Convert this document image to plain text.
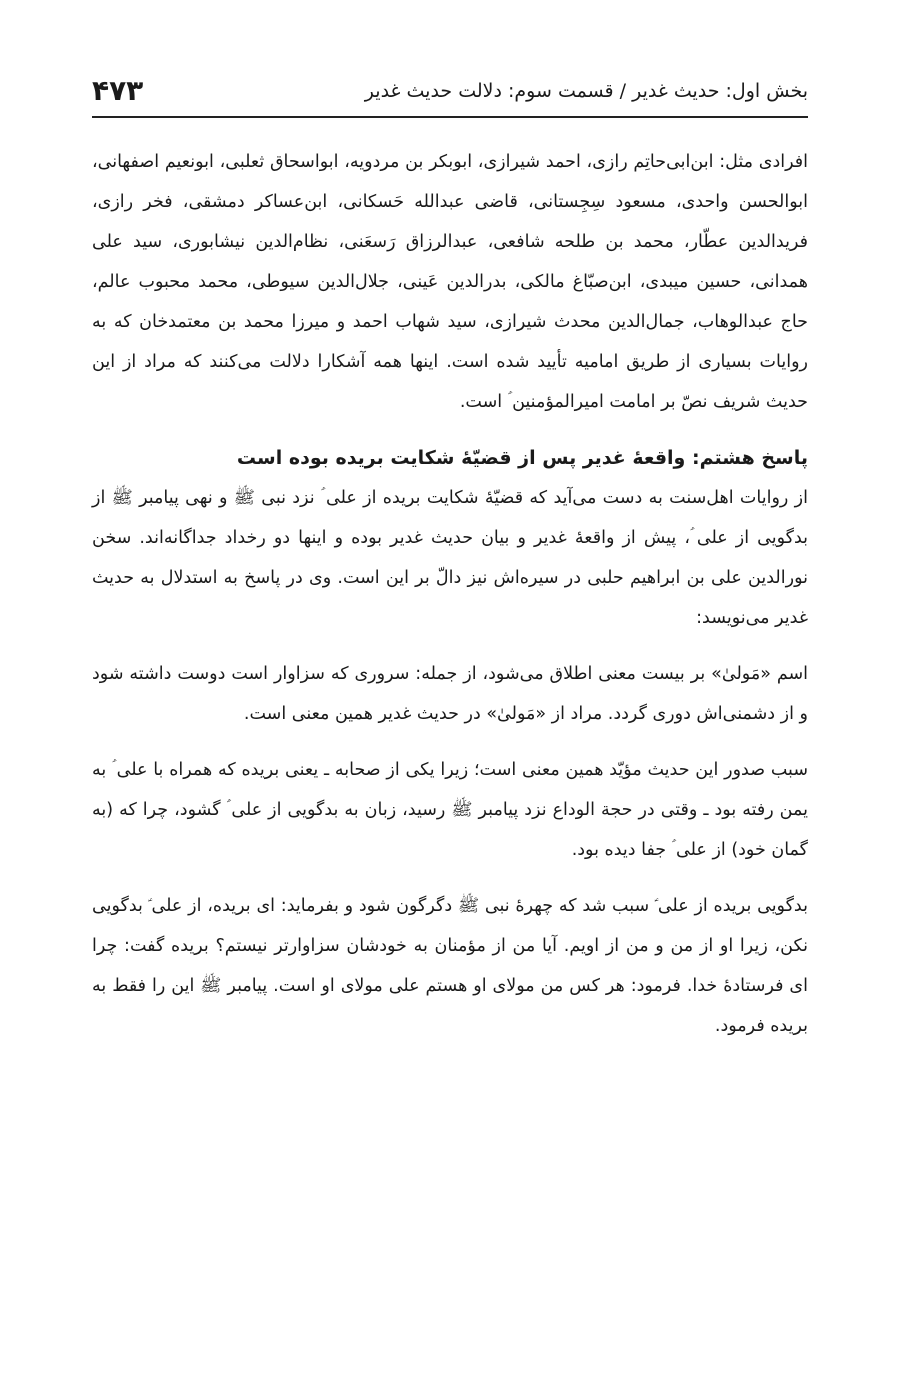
بخش اول: حدیث غدیر / قسمت سوم: دلالت حدیث غدیر
۴۷۳

افرادی مثل: ابن‌ابی‌حاتِم رازی، احمد شیرازی، ابوبکر بن مردویه، ابواسحاق ثعلبی، ابونعیم اصفهانی، ابوالحسن واحدی، مسعود سِجِستانی، قاضی عبدالله حَسکانی، ابن‌عساکر دمشقی، فخر رازی، فریدالدین عطّار، محمد بن طلحه شافعی، عبدالرزاق رَسعَنی، نظام‌الدین نیشابوری، سید علی همدانی، حسین میبدی، ابن‌صبّاغ مالکی، بدرالدین عَینی، جلال‌الدین سیوطی، محمد محبوب عالم، حاج عبدالوهاب، جمال‌الدین محدث شیرازی، سید شهاب احمد و میرزا محمد بن معتمدخان که به روایات بسیاری از طریق امامیه تأیید شده است. اینها همه آشکارا دلالت می‌کنند که مراد از این حدیث شریف نصّ بر امامت امیرالمؤمنین ؑ است.

پاسخ هشتم: واقعهٔ غدیر پس از قضیّهٔ شکایت بریده بوده است

از روایات اهل‌سنت به دست می‌آید که قضیّهٔ شکایت بریده از علی ؑ نزد نبی ﷺ و نهی پیامبر ﷺ از بدگویی از علی ؑ، پیش از واقعهٔ غدیر و بیان حدیث غدیر بوده و اینها دو رخداد جداگانه‌اند. سخن نورالدین علی بن ابراهیم حلبی در سیره‌اش نیز دالّ بر این است. وی در پاسخ به استدلال به حدیث غدیر می‌نویسد:

اسم «مَولیٰ» بر بیست معنی اطلاق می‌شود، از جمله: سروری که سزاوار است دوست داشته شود و از دشمنی‌اش دوری گردد. مراد از «مَولیٰ» در حدیث غدیر همین معنی است.

سبب صدور این حدیث مؤیّد همین معنی است؛ زیرا یکی از صحابه ـ یعنی بریده که همراه با علی ؑ به یمن رفته بود ـ وقتی در حجة الوداع نزد پیامبر ﷺ رسید، زبان به بدگویی از علی ؑ گشود، چرا که (به گمان خود) از علی ؑ جفا دیده بود.

بدگویی بریده از علی ؑ سبب شد که چهرهٔ نبی ﷺ دگرگون شود و بفرماید: ای بریده، از علی ؑ بدگویی نکن، زیرا او از من و من از اویم. آیا من از مؤمنان به خودشان سزاوارتر نیستم؟ بریده گفت: چرا ای فرستادهٔ خدا. فرمود: هر کس من مولای او هستم علی مولای او است. پیامبر ﷺ این را فقط به بریده فرمود.
